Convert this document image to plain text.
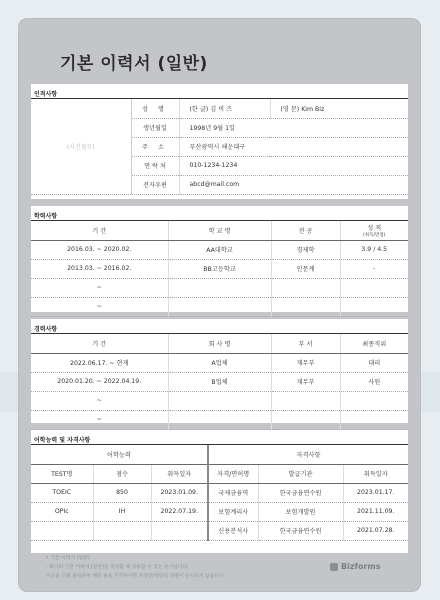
기본 이력서 (일반)
인적사항
(사진첨부)	성 명	(한 글) 김 비 즈	(영 문) Kim Biz
	생년월일	1998년 9월 1일	
	주 소	부산광역시 해운대구	
	연 락 처	010-1234-1234	
	전자우편	abcd@mail.com	
학력사항
기 간	학 교 명	전 공	성 적
(취득/만점)

2016.03. ~ 2020.02.	AA대학교	경제학	3.9 / 4.5
2013.03. ~ 2016.02.	BB고등학교	인문계	-
~			
~			
경력사항
기 간	회 사 명	부 서	최종직위
2022.06.17. ~ 현재	A업체	재무부	대리
2020.01.20. ~ 2022.04.19.	B업체	재무부	사원
~			
~			
어학능력 및 자격사항
어학능력			자격사항		
TEST명	점수	취득일자	자격/면허명	발급기관	취득일자
TOEIC	850	2023.01.09.	국제금융역	한국금융연수원	2023.01.17.
OPIc	IH	2022.07.19.	보험계리사	보험개발원	2021.11.09.
			신용분석사	한국금융연수원	2021.07.28.
• 기본 이력서 (일반)
- 회사의 기본 이력서 (일반)을 작성할 때 사용할 수 있는 문서입니다.
이곳을 더블 클릭하여 해당 줄을 추가하시면 최상단/하단의 정렬이 유지되지 않습니다.
Bizforms
